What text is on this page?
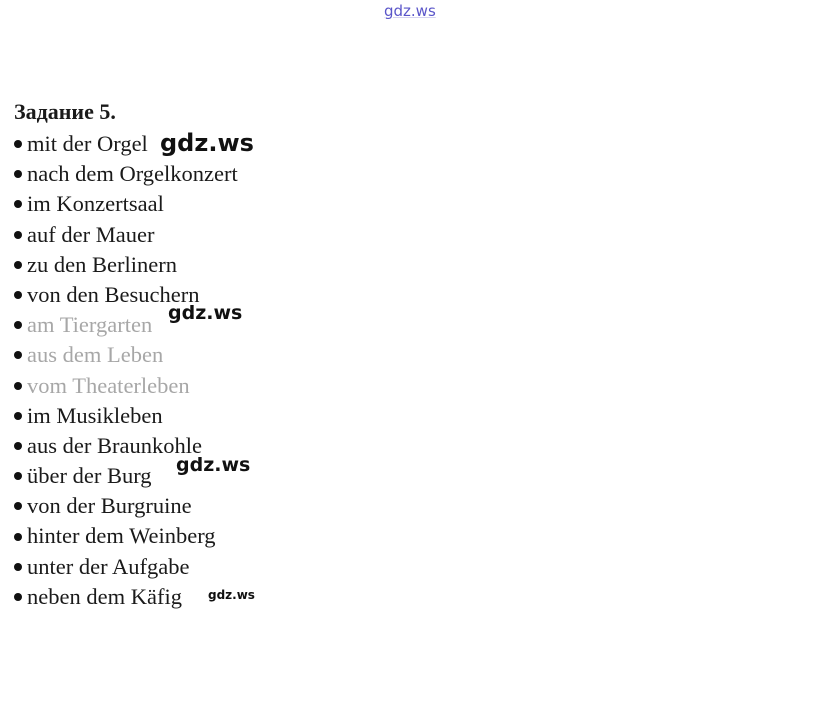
gdz.ws
Задание 5.
mit der Orgel
nach dem Orgelkonzert
im Konzertsaal
auf der Mauer
zu den Berlinern
von den Besuchern
am Tiergarten
aus dem Leben
vom Theaterleben
im Musikleben
aus der Braunkohle
über der Burg
von der Burgruine
hinter dem Weinberg
unter der Aufgabe
neben dem Käfig
gdz.ws
gdz.ws
gdz.ws
gdz.ws
